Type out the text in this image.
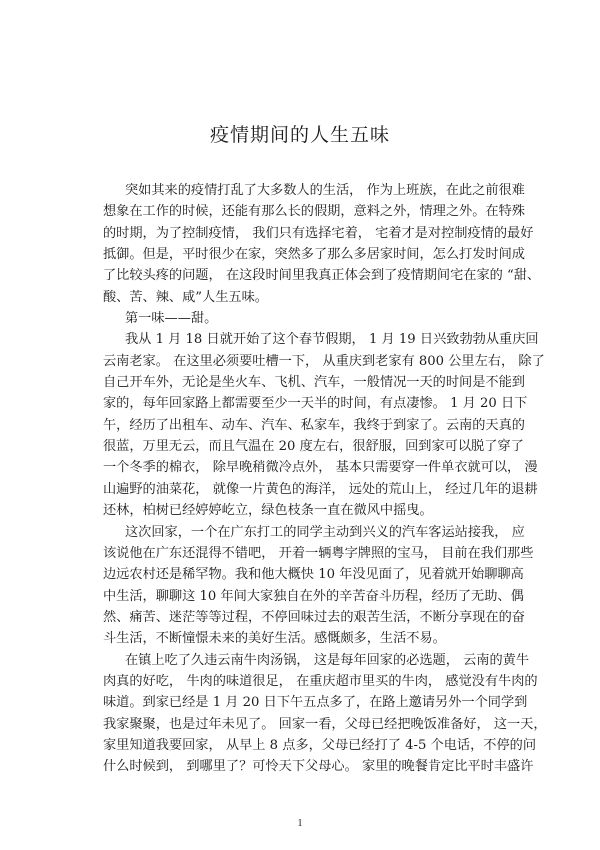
疫情期间的人生五味
突如其来的疫情打乱了大多数人的生活， 作为上班族，在此之前很难
想象在工作的时候，还能有那么长的假期，意料之外，情理之外。在特殊
的时期，为了控制疫情， 我们只有选择宅着， 宅着才是对控制疫情的最好
抵御。但是，平时很少在家，突然多了那么多居家时间，怎么打发时间成
了比较头疼的问题， 在这段时间里我真正体会到了疫情期间宅在家的 “甜、
酸、苦、辣、咸”人生五味。
第一味——甜。
我从 1 月 18 日就开始了这个春节假期， 1 月 19 日兴致勃勃从重庆回
云南老家。 在这里必须要吐槽一下， 从重庆到老家有 800 公里左右， 除了
自己开车外，无论是坐火车、飞机、汽车，一般情况一天的时间是不能到
家的，每年回家路上都需要至少一天半的时间，有点凄惨。 1 月 20 日下
午，经历了出租车、动车、汽车、私家车，我终于到家了。云南的天真的
很蓝，万里无云，而且气温在 20 度左右，很舒服，回到家可以脱了穿了
一个冬季的棉衣， 除早晚稍微冷点外， 基本只需要穿一件单衣就可以， 漫
山遍野的油菜花， 就像一片黄色的海洋， 远处的荒山上， 经过几年的退耕
还林，柏树已经婷婷屹立，绿色枝条一直在微风中摇曳。
这次回家，一个在广东打工的同学主动到兴义的汽车客运站接我， 应
该说他在广东还混得不错吧， 开着一辆粤字牌照的宝马， 目前在我们那些
边远农村还是稀罕物。我和他大概快 10 年没见面了，见着就开始聊聊高
中生活，聊聊这 10 年间大家独自在外的辛苦奋斗历程，经历了无助、偶
然、痛苦、迷茫等等过程，不停回味过去的艰苦生活，不断分享现在的奋
斗生活，不断憧憬未来的美好生活。感慨颇多，生活不易。
在镇上吃了久违云南牛肉汤锅， 这是每年回家的必选题， 云南的黄牛
肉真的好吃， 牛肉的味道很足， 在重庆超市里买的牛肉， 感觉没有牛肉的
味道。到家已经是 1 月 20 日下午五点多了，在路上邀请另外一个同学到
我家聚聚，也是过年未见了。 回家一看，父母已经把晚饭准备好， 这一天，
家里知道我要回家， 从早上 8 点多，父母已经打了 4-5 个电话，不停的问
什么时候到， 到哪里了？可怜天下父母心。 家里的晚餐肯定比平时丰盛许
1
